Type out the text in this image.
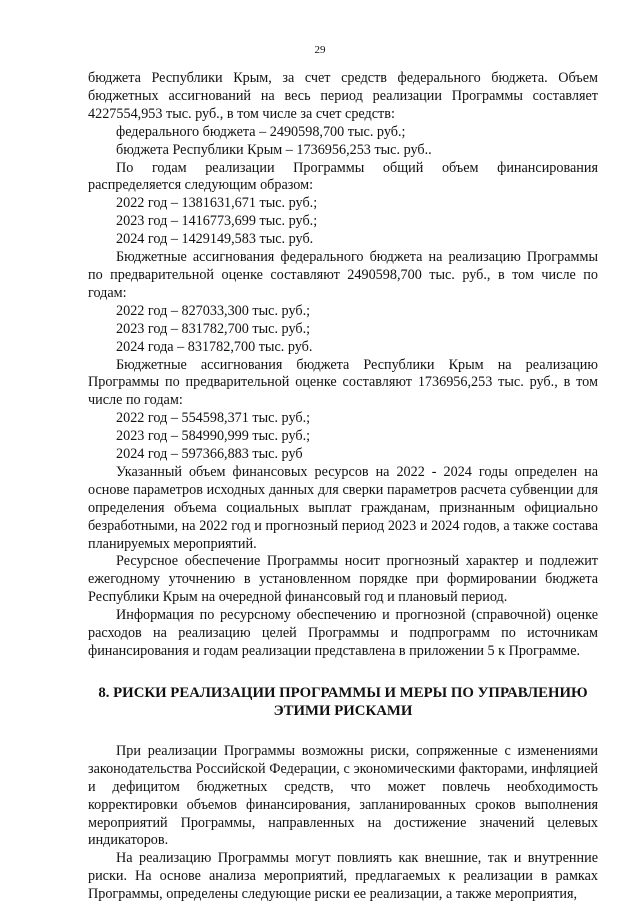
29

бюджета Республики Крым, за счет средств федерального бюджета. Объем бюджетных ассигнований на весь период реализации Программы составляет 4227554,953 тыс. руб., в том числе за счет средств:

федерального бюджета – 2490598,700 тыс. руб.;

бюджета Республики Крым – 1736956,253 тыс. руб..

По годам реализации Программы общий объем финансирования распределяется следующим образом:

2022 год – 1381631,671 тыс. руб.;

2023 год – 1416773,699 тыс. руб.;

2024 год – 1429149,583 тыс. руб.

Бюджетные ассигнования федерального бюджета на реализацию Программы по предварительной оценке составляют 2490598,700 тыс. руб., в том числе по годам:

2022 год – 827033,300 тыс. руб.;

2023 год – 831782,700 тыс. руб.;

2024 года – 831782,700 тыс. руб.

Бюджетные ассигнования бюджета Республики Крым на реализацию Программы по предварительной оценке составляют 1736956,253 тыс. руб., в том числе по годам:

2022 год – 554598,371 тыс. руб.;

2023 год – 584990,999 тыс. руб.;

2024 год – 597366,883 тыс. руб

Указанный объем финансовых ресурсов на 2022 - 2024 годы определен на основе параметров исходных данных для сверки параметров расчета субвенции для определения объема социальных выплат гражданам, признанным официально безработными, на 2022 год и прогнозный период 2023 и 2024 годов, а также состава планируемых мероприятий.

Ресурсное обеспечение Программы носит прогнозный характер и подлежит ежегодному уточнению в установленном порядке при формировании бюджета Республики Крым на очередной финансовый год и плановый период.

Информация по ресурсному обеспечению и прогнозной (справочной) оценке расходов на реализацию целей Программы и подпрограмм по источникам финансирования и годам реализации представлена в приложении 5 к Программе.

8. РИСКИ РЕАЛИЗАЦИИ ПРОГРАММЫ И МЕРЫ ПО УПРАВЛЕНИЮ
ЭТИМИ РИСКАМИ

При реализации Программы возможны риски, сопряженные с изменениями законодательства Российской Федерации, с экономическими факторами, инфляцией и дефицитом бюджетных средств, что может повлечь необходимость корректировки объемов финансирования, запланированных сроков выполнения мероприятий Программы, направленных на достижение значений целевых индикаторов.

На реализацию Программы могут повлиять как внешние, так и внутренние риски. На основе анализа мероприятий, предлагаемых к реализации в рамках Программы, определены следующие риски ее реализации, а также мероприятия,
